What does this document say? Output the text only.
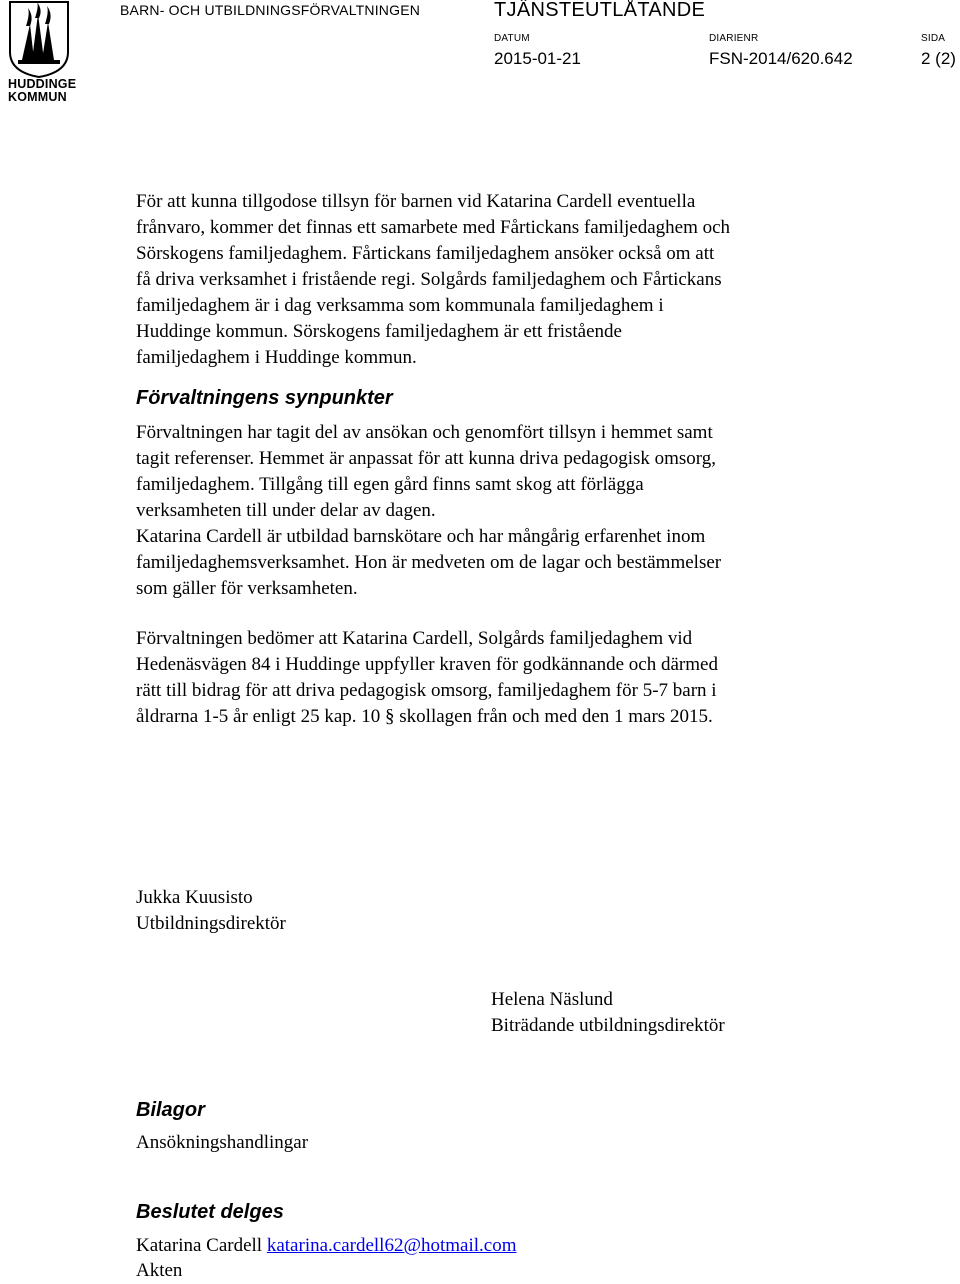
HUDDINGE
KOMMUN
BARN- OCH UTBILDNINGSFÖRVALTNINGEN	TJÄNSTEUTLÅTANDE
DATUM	DIARIENR	SIDA
2015-01-21	FSN-2014/620.642	2 (2)
För att kunna tillgodose tillsyn för barnen vid Katarina Cardell eventuella
frånvaro, kommer det finnas ett samarbete med Fårtickans familjedaghem och
Sörskogens familjedaghem. Fårtickans familjedaghem ansöker också om att
få driva verksamhet i fristående regi. Solgårds familjedaghem och Fårtickans
familjedaghem är i dag verksamma som kommunala familjedaghem i
Huddinge kommun. Sörskogens familjedaghem är ett fristående
familjedaghem i Huddinge kommun.
Förvaltningens synpunkter
Förvaltningen har tagit del av ansökan och genomfört tillsyn i hemmet samt
tagit referenser. Hemmet är anpassat för att kunna driva pedagogisk omsorg,
familjedaghem. Tillgång till egen gård finns samt skog att förlägga
verksamheten till under delar av dagen.
Katarina Cardell är utbildad barnskötare och har mångårig erfarenhet inom
familjedaghemsverksamhet. Hon är medveten om de lagar och bestämmelser
som gäller för verksamheten.
Förvaltningen bedömer att Katarina Cardell, Solgårds familjedaghem vid
Hedenäsvägen 84 i Huddinge uppfyller kraven för godkännande och därmed
rätt till bidrag för att driva pedagogisk omsorg, familjedaghem för 5-7 barn i
åldrarna 1-5 år enligt 25 kap. 10 § skollagen från och med den 1 mars 2015.
Jukka Kuusisto
Utbildningsdirektör
Helena Näslund
Biträdande utbildningsdirektör
Bilagor
Ansökningshandlingar
Beslutet delges
Katarina Cardell katarina.cardell62@hotmail.com
Akten
